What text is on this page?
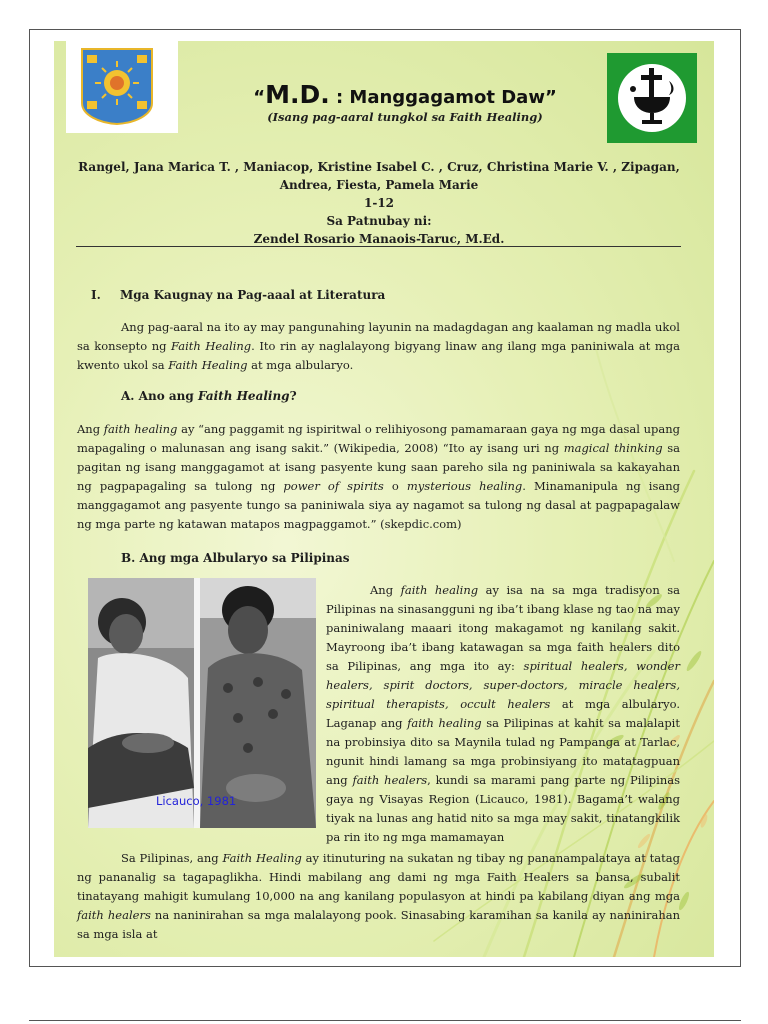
“M.D. : Manggagamot Daw”
(Isang pag-aaral tungkol sa Faith Healing)
Rangel, Jana Marica T. , Maniacop, Kristine Isabel C. , Cruz, Christina Marie V. , Zipagan, Andrea, Fiesta, Pamela Marie
1-12
Sa Patnubay ni:
Zendel Rosario Manaois-Taruc, M.Ed.
I. Mga Kaugnay na Pag-aaal at Literatura

Ang pag-aaral na ito ay may pangunahing layunin na madagdagan ang kaalaman ng madla ukol sa konsepto ng Faith Healing. Ito rin ay naglalayong bigyang linaw ang ilang mga paniniwala at mga kwento ukol sa Faith Healing at mga albularyo.

A. Ano ang Faith Healing?

Ang faith healing ay “ang paggamit ng ispiritwal o relihiyosong pamamaraan gaya ng mga dasal upang mapagaling o malunasan ang isang sakit.” (Wikipedia, 2008) “Ito ay isang uri ng magical thinking sa pagitan ng isang manggagamot at isang pasyente kung saan pareho sila ng paniniwala sa kakayahan ng pagpapagaling sa tulong ng power of spirits o mysterious healing. Minamanipula ng isang manggagamot ang pasyente tungo sa paniniwala siya ay nagamot sa tulong ng dasal at pagpapagalaw ng mga parte ng katawan matapos magpaggamot.” (skepdic.com)

B. Ang mga Albularyo sa Pilipinas
Licauco, 1981

Ang faith healing ay isa na sa mga tradisyon sa Pilipinas na sinasangguni ng iba’t ibang klase ng tao na may paniniwalang maaari itong makagamot ng kanilang sakit. Mayroong iba’t ibang katawagan sa mga faith healers dito sa Pilipinas, ang mga ito ay: spiritual healers, wonder healers, spirit doctors, super-doctors, miracle healers, spiritual therapists, occult healers at mga albularyo. Laganap ang faith healing sa Pilipinas at kahit sa malalapit na probinsiya dito sa Maynila tulad ng Pampanga at Tarlac, ngunit hindi lamang sa mga probinsiyang ito matatagpuan ang faith healers, kundi sa marami pang parte ng Pilipinas gaya ng Visayas Region (Licauco, 1981). Bagama’t walang tiyak na lunas ang hatid nito sa mga may sakit, tinatangkilik pa rin ito ng mga mamamayan

Sa Pilipinas, ang Faith Healing ay itinuturing na sukatan ng tibay ng pananampalataya at tatag ng pananalig sa tagapaglikha. Hindi mabilang ang dami ng mga Faith Healers sa bansa, subalit tinatayang mahigit kumulang 10,000 na ang kanilang populasyon at hindi pa kabilang diyan ang mga faith healers na naninirahan sa mga malalayong pook. Sinasabing karamihan sa kanila ay naninirahan sa mga isla at
